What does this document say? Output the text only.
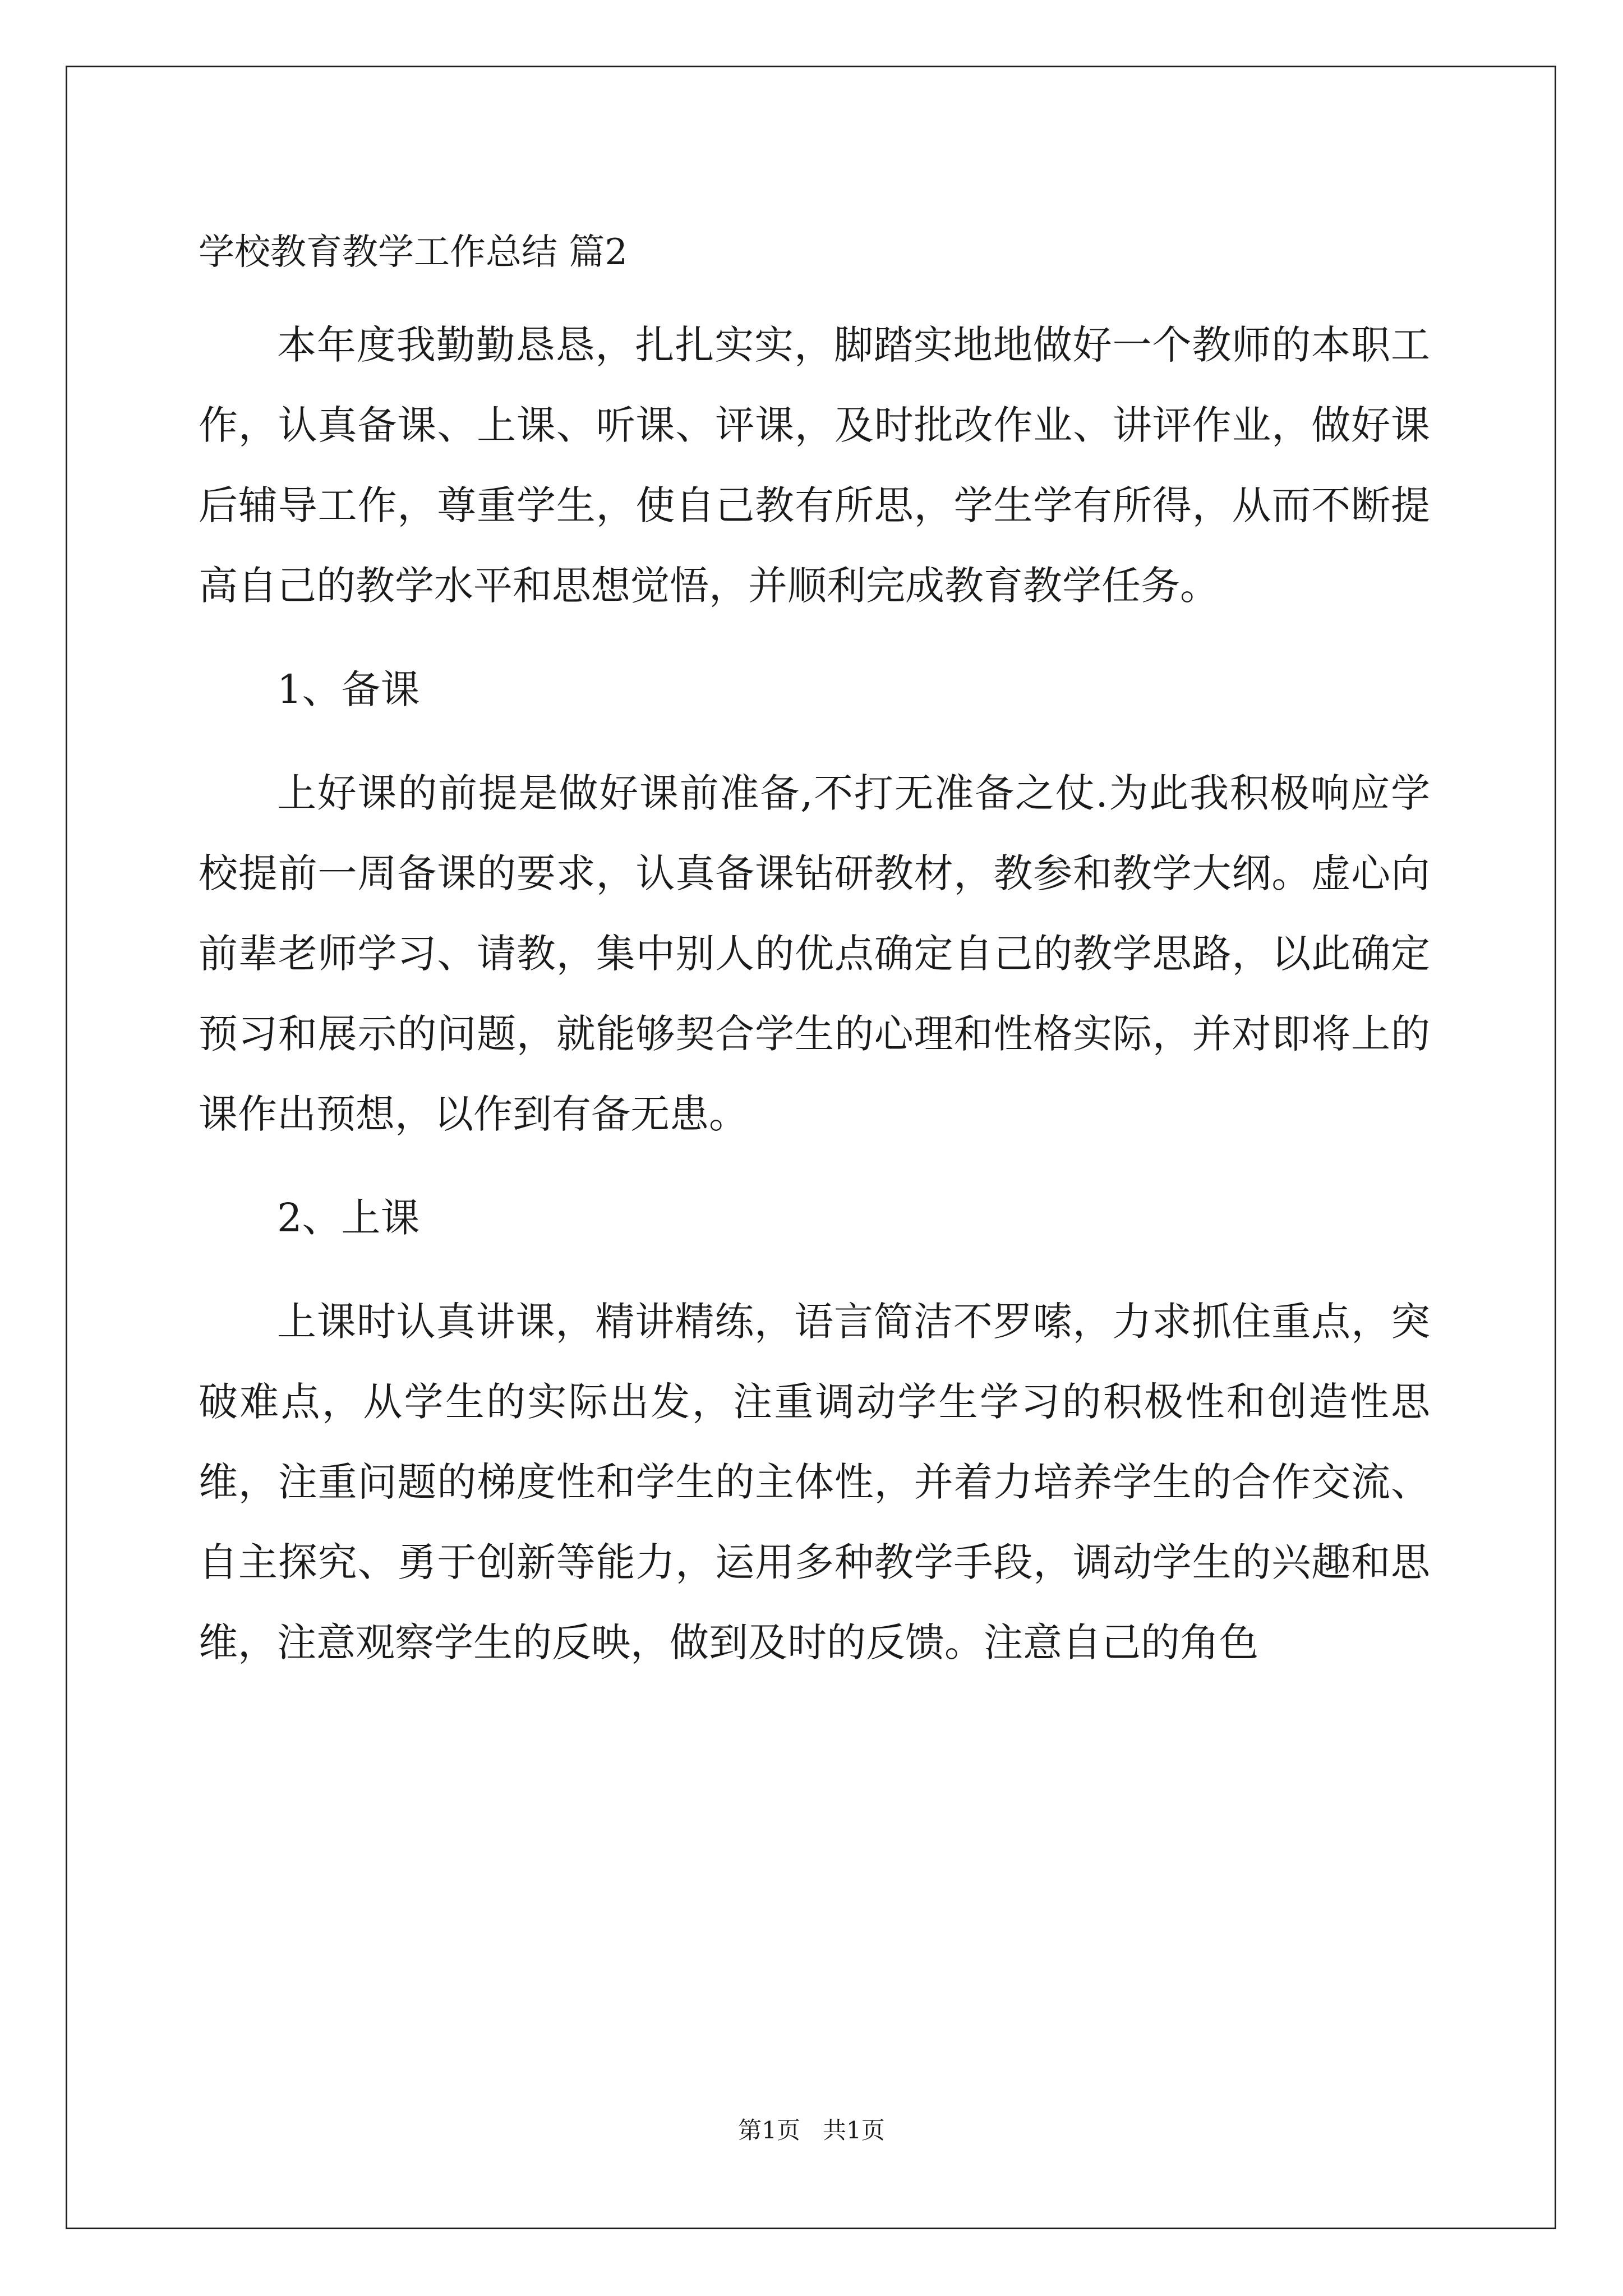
学校教育教学工作总结 篇2

本年度我勤勤恳恳，扎扎实实，脚踏实地地做好一个教师的本职工作，认真备课、上课、听课、评课，及时批改作业、讲评作业，做好课后辅导工作，尊重学生，使自己教有所思，学生学有所得，从而不断提高自己的教学水平和思想觉悟，并顺利完成教育教学任务。

1、备课

上好课的前提是做好课前准备,不打无准备之仗.为此我积极响应学校提前一周备课的要求，认真备课钻研教材，教参和教学大纲。虚心向前辈老师学习、请教，集中别人的优点确定自己的教学思路，以此确定预习和展示的问题，就能够契合学生的心理和性格实际，并对即将上的课作出预想，以作到有备无患。

2、上课

上课时认真讲课，精讲精练，语言简洁不罗嗦，力求抓住重点，突破难点，从学生的实际出发，注重调动学生学习的积极性和创造性思维，注重问题的梯度性和学生的主体性，并着力培养学生的合作交流、自主探究、勇于创新等能力，运用多种教学手段，调动学生的兴趣和思维，注意观察学生的反映，做到及时的反馈。注意自己的角色

第1页   共1页
